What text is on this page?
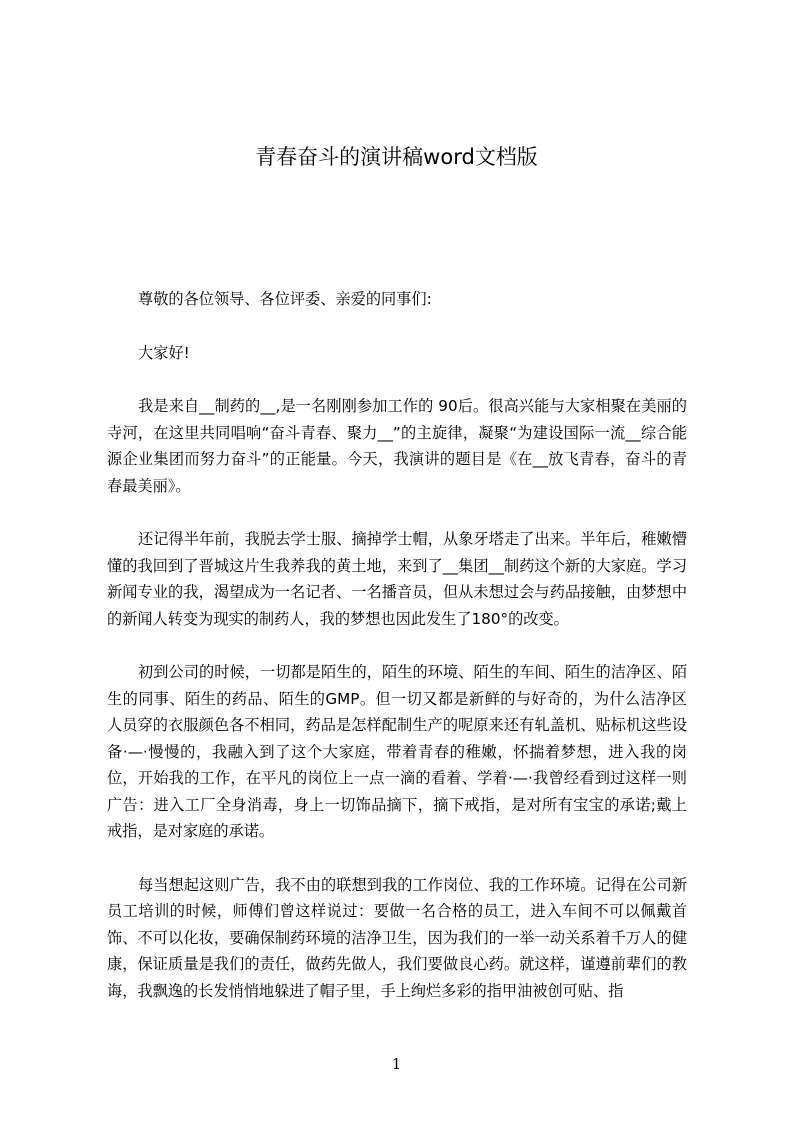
青春奋斗的演讲稿word文档版

尊敬的各位领导、各位评委、亲爱的同事们:

大家好!

我是来自__制药的__,是一名刚刚参加工作的 90后。很高兴能与大家相聚在美丽的寺河，在这里共同唱响“奋斗青春、聚力__”的主旋律，凝聚“为建设国际一流__综合能源企业集团而努力奋斗”的正能量。今天，我演讲的题目是《在__放飞青春，奋斗的青春最美丽》。

还记得半年前，我脱去学士服、摘掉学士帽，从象牙塔走了出来。半年后，稚嫩懵懂的我回到了晋城这片生我养我的黄土地，来到了__集团__制药这个新的大家庭。学习新闻专业的我，渴望成为一名记者、一名播音员，但从未想过会与药品接触，由梦想中的新闻人转变为现实的制药人，我的梦想也因此发生了180°的改变。

初到公司的时候，一切都是陌生的，陌生的环境、陌生的车间、陌生的洁净区、陌生的同事、陌生的药品、陌生的GMP。但一切又都是新鲜的与好奇的，为什么洁净区人员穿的衣服颜色各不相同，药品是怎样配制生产的呢原来还有轧盖机、贴标机这些设备·—·慢慢的，我融入到了这个大家庭，带着青春的稚嫩，怀揣着梦想，进入我的岗位，开始我的工作，在平凡的岗位上一点一滴的看着、学着·—·我曾经看到过这样一则广告：进入工厂全身消毒，身上一切饰品摘下，摘下戒指，是对所有宝宝的承诺;戴上戒指，是对家庭的承诺。

每当想起这则广告，我不由的联想到我的工作岗位、我的工作环境。记得在公司新员工培训的时候，师傅们曾这样说过：要做一名合格的员工，进入车间不可以佩戴首饰、不可以化妆，要确保制药环境的洁净卫生，因为我们的一举一动关系着千万人的健康，保证质量是我们的责任，做药先做人，我们要做良心药。就这样，谨遵前辈们的教诲，我飘逸的长发悄悄地躲进了帽子里，手上绚烂多彩的指甲油被创可贴、指

1
